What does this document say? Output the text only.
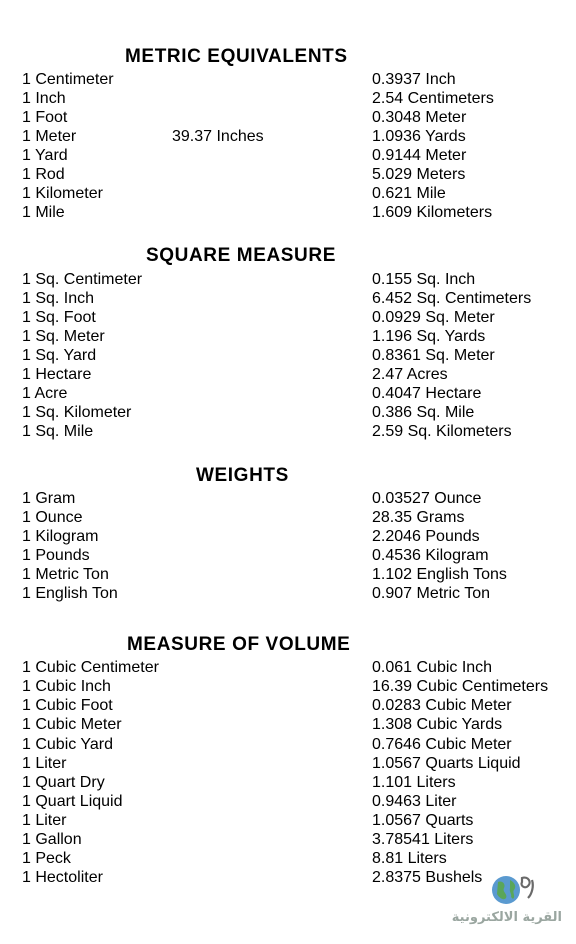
METRIC EQUIVALENTS
1 Centimeter	0.3937 Inch
1 Inch	2.54 Centimeters
1 Foot	0.3048 Meter
1 Meter	39.37 Inches	1.0936 Yards
1 Yard	0.9144 Meter
1 Rod	5.029 Meters
1 Kilometer	0.621 Mile
1 Mile	1.609 Kilometers
SQUARE MEASURE
1 Sq. Centimeter	0.155 Sq. Inch
1 Sq. Inch	6.452 Sq. Centimeters
1 Sq. Foot	0.0929 Sq. Meter
1 Sq. Meter	1.196 Sq. Yards
1 Sq. Yard	0.8361 Sq. Meter
1 Hectare	2.47 Acres
1 Acre	0.4047 Hectare
1 Sq. Kilometer	0.386 Sq. Mile
1 Sq. Mile	2.59 Sq. Kilometers
WEIGHTS
1 Gram	0.03527 Ounce
1 Ounce	28.35 Grams
1 Kilogram	2.2046 Pounds
1 Pounds	0.4536 Kilogram
1 Metric Ton	1.102 English Tons
1 English Ton	0.907 Metric Ton
MEASURE OF VOLUME
1 Cubic Centimeter	0.061 Cubic Inch
1 Cubic Inch	16.39 Cubic Centimeters
1 Cubic Foot	0.0283 Cubic Meter
1 Cubic Meter	1.308 Cubic Yards
1 Cubic Yard	0.7646 Cubic Meter
1 Liter	1.0567 Quarts Liquid
1 Quart Dry	1.101 Liters
1 Quart Liquid	0.9463 Liter
1 Liter	1.0567 Quarts
1 Gallon	3.78541 Liters
1 Peck	8.81 Liters
1 Hectoliter	2.8375 Bushels
القرية الالكترونية
